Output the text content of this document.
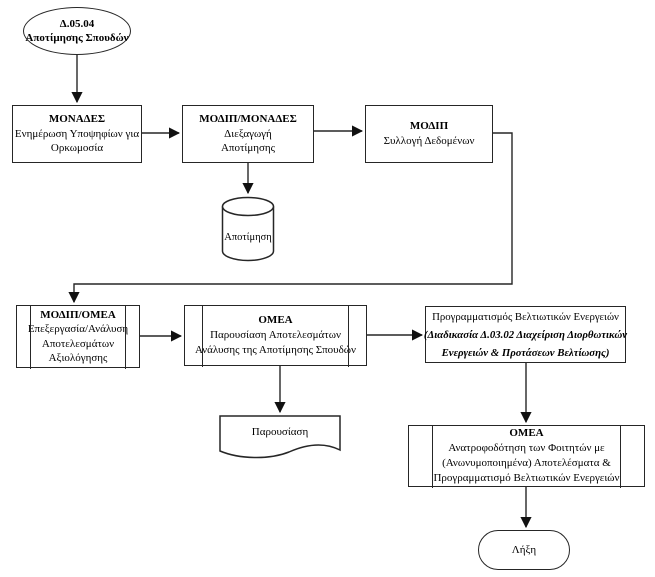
Δ.05.04
Αποτίμησης Σπουδών
ΜΟΝΑΔΕΣ
Ενημέρωση Υποψηφίων για
Ορκωμοσία
ΜΟΔΙΠ/ΜΟΝΑΔΕΣ
Διεξαγωγή
Αποτίμησης
ΜΟΔΙΠ
Συλλογή Δεδομένων
Αποτίμηση
ΜΟΔΙΠ/ΟΜΕΑ
Επεξεργασία/Ανάλυση
Αποτελεσμάτων
Αξιολόγησης
ΟΜΕΑ
Παρουσίαση Αποτελεσμάτων
Ανάλυσης της Αποτίμησης Σπουδών
Προγραμματισμός Βελτιωτικών Ενεργειών
(Διαδικασία Δ.03.02 Διαχείριση Διορθωτικών
Ενεργειών & Προτάσεων Βελτίωσης)
Παρουσίαση	ΟΜΕΑ
Ανατροφοδότηση των Φοιτητών με
(Ανωνυμοποιημένα) Αποτελέσματα &
Προγραμματισμό Βελτιωτικών Ενεργειών
Λήξη
